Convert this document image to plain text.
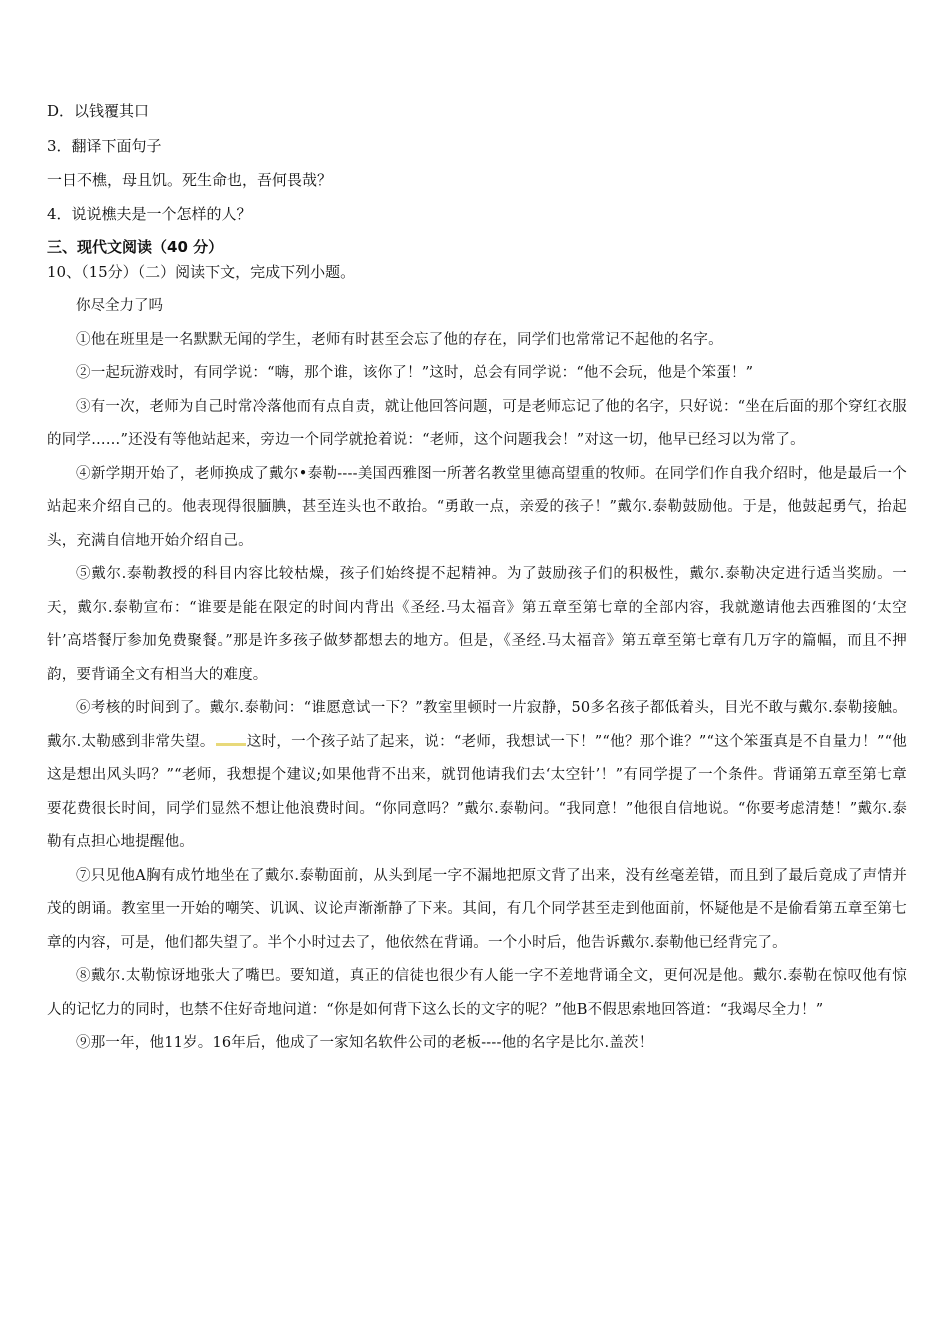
D．以钱覆其口
3．翻译下面句子
一日不樵，母且饥。死生命也，吾何畏哉？
4．说说樵夫是一个怎样的人？
三、现代文阅读（40 分）
10、（15分）（二）阅读下文，完成下列小题。

你尽全力了吗

①他在班里是一名默默无闻的学生，老师有时甚至会忘了他的存在，同学们也常常记不起他的名字。

②一起玩游戏时，有同学说：“嗨，那个谁，该你了！”这时，总会有同学说：“他不会玩，他是个笨蛋！”

③有一次，老师为自己时常冷落他而有点自责，就让他回答问题，可是老师忘记了他的名字，只好说：“坐在后面的那个穿红衣服的同学……”还没有等他站起来，旁边一个同学就抢着说：“老师，这个问题我会！”对这一切，他早已经习以为常了。

④新学期开始了，老师换成了戴尔•泰勒----美国西雅图一所著名教堂里德高望重的牧师。在同学们作自我介绍时，他是最后一个站起来介绍自己的。他表现得很腼腆，甚至连头也不敢抬。“勇敢一点，亲爱的孩子！”戴尔.泰勒鼓励他。于是，他鼓起勇气，抬起头，充满自信地开始介绍自己。

⑤戴尔.泰勒教授的科目内容比较枯燥，孩子们始终提不起精神。为了鼓励孩子们的积极性，戴尔.泰勒决定进行适当奖励。一天，戴尔.泰勒宣布：“谁要是能在限定的时间内背出《圣经.马太福音》第五章至第七章的全部内容，我就邀请他去西雅图的‘太空针’高塔餐厅参加免费聚餐。”那是许多孩子做梦都想去的地方。但是，《圣经.马太福音》第五章至第七章有几万字的篇幅，而且不押韵，要背诵全文有相当大的难度。

⑥考核的时间到了。戴尔.泰勒问：“谁愿意试一下？”教室里顿时一片寂静，50多名孩子都低着头，目光不敢与戴尔.泰勒接触。戴尔.太勒感到非常失望。 这时，一个孩子站了起来，说：“老师，我想试一下！”“他？那个谁？”“这个笨蛋真是不自量力！”“他这是想出风头吗？”“老师，我想提个建议;如果他背不出来，就罚他请我们去‘太空针’！”有同学提了一个条件。背诵第五章至第七章要花费很长时间，同学们显然不想让他浪费时间。“你同意吗？”戴尔.泰勒问。“我同意！”他很自信地说。“你要考虑清楚！”戴尔.泰勒有点担心地提醒他。

⑦只见他A胸有成竹地坐在了戴尔.泰勒面前，从头到尾一字不漏地把原文背了出来，没有丝毫差错，而且到了最后竟成了声情并茂的朗诵。教室里一开始的嘲笑、讥讽、议论声渐渐静了下来。其间，有几个同学甚至走到他面前，怀疑他是不是偷看第五章至第七章的内容，可是，他们都失望了。半个小时过去了，他依然在背诵。一个小时后，他告诉戴尔.泰勒他已经背完了。

⑧戴尔.太勒惊讶地张大了嘴巴。要知道，真正的信徒也很少有人能一字不差地背诵全文，更何况是他。戴尔.泰勒在惊叹他有惊人的记忆力的同时，也禁不住好奇地问道：“你是如何背下这么长的文字的呢？”他B不假思索地回答道：“我竭尽全力！”

⑨那一年，他11岁。16年后，他成了一家知名软件公司的老板----他的名字是比尔.盖茨！
